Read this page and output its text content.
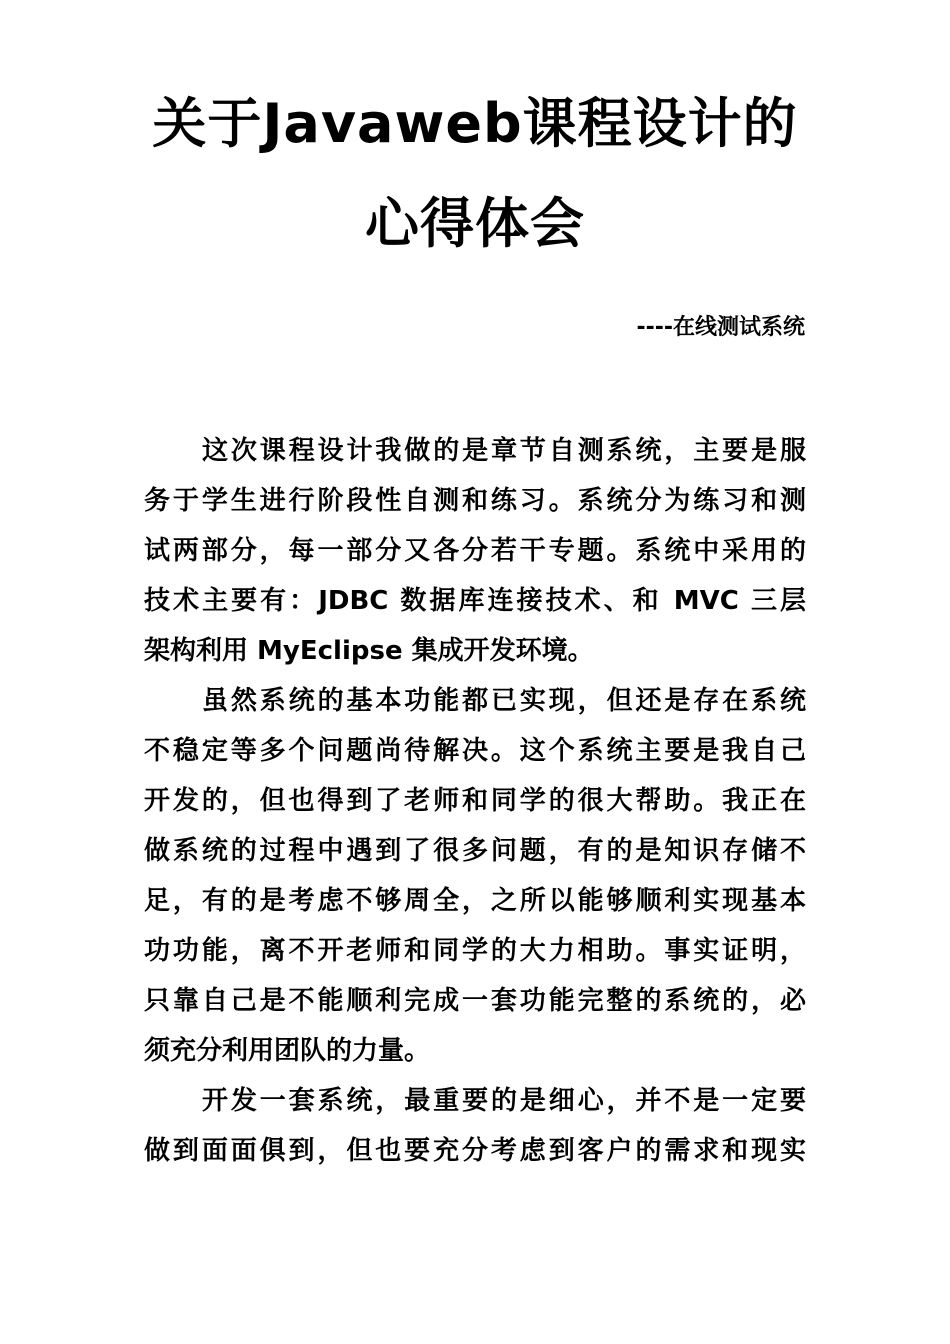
关于Javaweb课程设计的
心得体会
----在线测试系统
这次课程设计我做的是章节自测系统，主要是服
务于学生进行阶段性自测和练习。系统分为练习和测
试两部分，每一部分又各分若干专题。系统中采用的
技术主要有：JDBC 数据库连接技术、和 MVC 三层
架构利用 MyEclipse 集成开发环境。
虽然系统的基本功能都已实现，但还是存在系统
不稳定等多个问题尚待解决。这个系统主要是我自己
开发的，但也得到了老师和同学的很大帮助。我正在
做系统的过程中遇到了很多问题，有的是知识存储不
足，有的是考虑不够周全，之所以能够顺利实现基本
功功能，离不开老师和同学的大力相助。事实证明，
只靠自己是不能顺利完成一套功能完整的系统的，必
须充分利用团队的力量。
开发一套系统，最重要的是细心，并不是一定要
做到面面俱到，但也要充分考虑到客户的需求和现实
